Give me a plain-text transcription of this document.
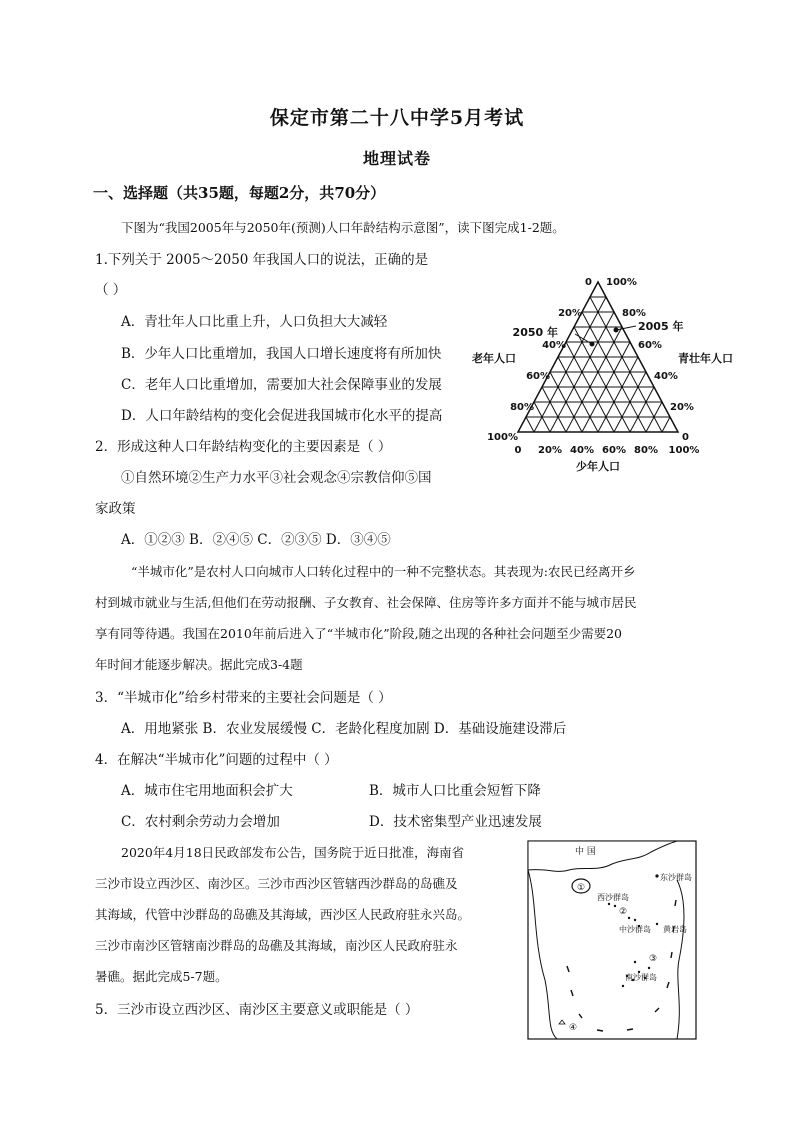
保定市第二十八中学5月考试
地理试卷
一、选择题（共35题，每题2分，共70分）
下图为“我国2005年与2050年(预测)人口年龄结构示意图”，读下图完成1-2题。
1.下列关于 2005～2050 年我国人口的说法，正确的是
（ ）
A．青壮年人口比重上升，人口负担大大减轻
B．少年人口比重增加，我国人口增长速度将有所加快
C．老年人口比重增加，需要加大社会保障事业的发展
D．人口年龄结构的变化会促进我国城市化水平的提高
2．形成这种人口年龄结构变化的主要因素是（ ）
①自然环境②生产力水平③社会观念④宗教信仰⑤国
家政策
A．①②③ B．②④⑤ C．②③⑤ D．③④⑤
“半城市化”是农村人口向城市人口转化过程中的一种不完整状态。其表现为:农民已经离开乡
村到城市就业与生活,但他们在劳动报酬、子女教育、社会保障、住房等许多方面并不能与城市居民
享有同等待遇。我国在2010年前后进入了“半城市化”阶段,随之出现的各种社会问题至少需要20
年时间才能逐步解决。据此完成3-4题
3．“半城市化”给乡村带来的主要社会问题是（ ）
A．用地紧张 B．农业发展缓慢 C．老龄化程度加剧 D．基础设施建设滞后
4．在解决“半城市化”问题的过程中（ ）
A．城市住宅用地面积会扩大	B．城市人口比重会短暂下降
C．农村剩余劳动力会增加	D．技术密集型产业迅速发展
2020年4月18日民政部发布公告，国务院于近日批准，海南省
三沙市设立西沙区、南沙区。三沙市西沙区管辖西沙群岛的岛礁及
其海域，代管中沙群岛的岛礁及其海域，西沙区人民政府驻永兴岛。
三沙市南沙区管辖南沙群岛的岛礁及其海域，南沙区人民政府驻永
暑礁。据此完成5-7题。
5．三沙市设立西沙区、南沙区主要意义或职能是（ ）
0
20%
40%
60%
80%
100%
100%
80%
60%
40%
20%
0
0 20% 40% 60% 80% 100%
2050 年	2005 年
老年人口	青壮年人口
少年人口
中 国
东沙群岛
西沙群岛
中沙群岛 黄岩岛
南沙群岛
①
②
③
④
